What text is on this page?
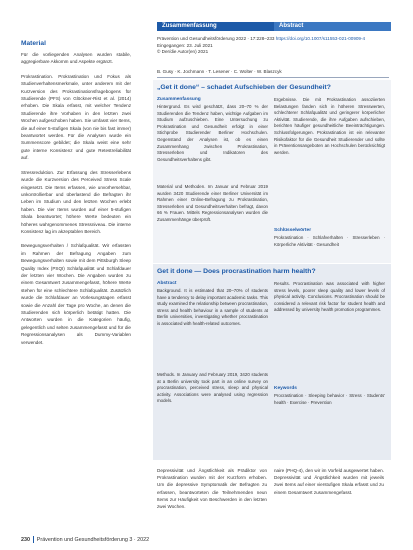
Material

Für die vorliegenden Analysen wurden stabile, aggregierbare Akkomm und Aspekte ergänzt.

Prokrastination. Prokrastination und Fokus als Studienverhaltensmerkmale, unter anderem mit der Kurzversion des Prokrastinationsfragebogens für Studierende (PFS) von Glöckner-Rist et al. (2014) erhoben. Die Skala erfasst, mit welcher Tendenz Studierende ihre Vorhaben in den letzten zwei Wochen aufgeschoben haben. Sie umfasst vier Items, die auf einer 5-stufigen Skala (von nie bis fast immer) beantwortet werden. Für die Analysen wurde ein Summenscore gebildet; die Skala weist eine sehr gute interne Konsistenz und gute Retestreliabilität auf.

Stressreduktion. Zur Erfassung des Stresserlebens wurde die Kurzversion des Perceived Stress Scale eingesetzt. Die Items erfassen, wie unvorhersehbar, unkontrollierbar und überlastend die Befragten ihr Leben im Studium und den letzten Wochen erlebt haben. Die vier Items wurden auf einer 5-stufigen Skala beantwortet; höhere Werte bedeuten ein höheres wahrgenommenes Stressniveau. Die interne Konsistenz lag im akzeptablen Bereich.

Bewegungsverhalten / Schlafqualität. Wir erfassten im Rahmen der Befragung Angaben zum Bewegungsverhalten sowie mit dem Pittsburgh Sleep Quality Index (PSQI) Schlafqualität und Schlafdauer der letzten vier Wochen. Die Angaben wurden zu einem Gesamtwert zusammengefasst, höhere Werte stehen für eine schlechtere Schlafqualität. Zusätzlich wurde die Schlafdauer an Vorlesungstagen erfasst sowie die Anzahl der Tage pro Woche, an denen die Studierenden sich körperlich betätigt hatten. Die Antworten wurden in die Kategorien häufig, gelegentlich und selten zusammengefasst und für die Regressionsanalysen als Dummy-Variablen verwendet.

Zusammenfassung	Abstract
Prävention und Gesundheitsförderung 2022 · 17:228–233 https://doi.org/10.1007/s11553-021-00909-4
Eingegangen: 23. Juli 2021
© Der/die Autor(en) 2021
B. Gusy · K. Jochmann · T. Lesener · C. Wolter · W. Blaszcyk
„Get it done“ – schadet Aufschieben der Gesundheit?
Zusammenfassung

Hintergrund. Es wird geschätzt, dass 20–70 % der Studierenden die Tendenz haben, wichtige Aufgaben im Studium aufzuschieben. Eine Untersuchung zu Prokrastination und Gesundheit erfolgt in einer Stichprobe Studierender Berliner Hochschulen. Gegenstand der Analysen ist, ob es einen Zusammenhang zwischen Prokrastination, Stresserleben und Indikatoren des Gesundheitsverhaltens gibt.

Material und Methoden. Im Januar und Februar 2019 wurden 3420 Studierende einer Berliner Universität im Rahmen einer Online-Befragung zu Prokrastination, Stresserleben und Gesundheitsverhalten befragt, davon 66 % Frauen. Mittels Regressionsanalysen wurden die Zusammenhänge überprüft.

Ergebnisse. Die mit Prokrastination assoziierten Belastungen fanden sich in höheren Stresswerten, schlechterer Schlafqualität und geringerer körperlicher Aktivität. Studierende, die ihre Aufgaben aufschieben, berichten häufiger gesundheitliche Beeinträchtigungen. Schlussfolgerungen. Prokrastination ist ein relevanter Risikofaktor für die Gesundheit Studierender und sollte in Präventionsangeboten an Hochschulen berücksichtigt werden.

Schlüsselwörter

Prokrastination · Schlafverhalten · Stresserleben · Körperliche Aktivität · Gesundheit

Get it done — Does procrastination harm health?
Abstract

Background. It is estimated that 20–70% of students have a tendency to delay important academic tasks. This study examined the relationship between procrastination, stress and health behaviour in a sample of students at Berlin universities, investigating whether procrastination is associated with health-related outcomes.

Methods. In January and February 2019, 3420 students at a Berlin university took part in an online survey on procrastination, perceived stress, sleep and physical activity. Associations were analysed using regression models.

Results. Procrastination was associated with higher stress levels, poorer sleep quality and lower levels of physical activity. Conclusions. Procrastination should be considered a relevant risk factor for student health and addressed by university health promotion programmes.

Keywords

Procrastination · Sleeping behavior · Stress · Students' health · Exercise · Prevention

Depressivität und Ängstlichkeit als Prädiktor von Prokrastination wurden mit der Kurzform erhoben. Um die depressive Symptomatik der Befragten zu erfassen, beantworteten die Teilnehmenden neun Items zur Häufigkeit von Beschwerden in den letzten zwei Wochen.

naire (PHQ-4), den wir im Vorfeld ausgewertet haben. Depressivität und Ängstlichkeit wurden mit jeweils zwei Items auf einer vierstufigen Skala erfasst und zu einem Gesamtwert zusammengefasst.

230 Prävention und Gesundheitsförderung 3 · 2022
